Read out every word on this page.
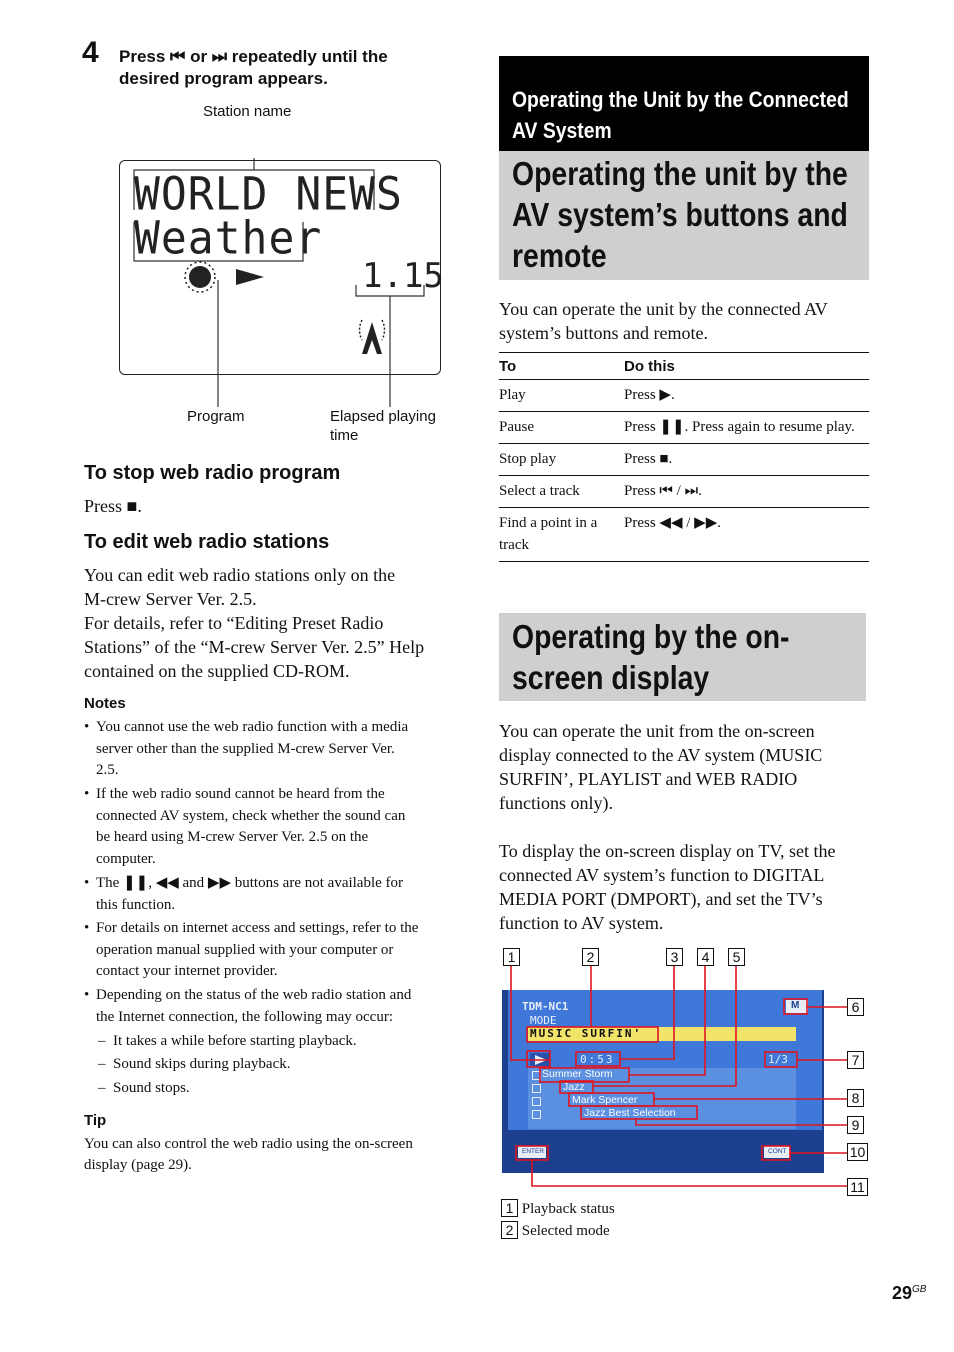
4 Press ⏮ or ⏭ repeatedly until the
desired program appears.
Station name
WORLD NEWS
Weather
1.15
Program	Elapsed playing
time
To stop web radio program
Press ■.
To edit web radio stations
You can edit web radio stations only on the
M-crew Server Ver. 2.5.
For details, refer to “Editing Preset Radio
Stations” of the “M-crew Server Ver. 2.5” Help
contained on the supplied CD-ROM.
Notes
• You cannot use the web radio function with a media
server other than the supplied M-crew Server Ver.
2.5.
• If the web radio sound cannot be heard from the
connected AV system, check whether the sound can
be heard using M-crew Server Ver. 2.5 on the
computer.
• The ❚❚, ◀◀ and ▶▶ buttons are not available for
this function.
• For details on internet access and settings, refer to the
operation manual supplied with your computer or
contact your internet provider.
• Depending on the status of the web radio station and
the Internet connection, the following may occur:
–  It takes a while before starting playback.
–  Sound skips during playback.
–  Sound stops.
Tip
You can also control the web radio using the on-screen
display (page 29).
Operating the Unit by the Connected
AV System
Operating the unit by the
AV system’s buttons and
remote
You can operate the unit by the connected AV
system’s buttons and remote.
To	Do this
Play	Press ▶.
Pause	Press ❚❚. Press again to resume play.
Stop play	Press ■.
Select a track	Press ⏮ / ⏭.
Find a point in a track	Press ◀◀ / ▶▶.
Operating by the on-
screen display
You can operate the unit from the on-screen
display connected to the AV system (MUSIC
SURFIN’, PLAYLIST and WEB RADIO
functions only).
To display the on-screen display on TV, set the
connected AV system’s function to DIGITAL
MEDIA PORT (DMPORT), and set the TV’s
function to AV system.
1	2	3	4	5
TDM-NC1
MODE
MUSIC SURFIN'
0:53	1/3
M
Summer Storm
Jazz
Mark Spencer
Jazz Best Selection
ENTER	CONT
6
7
8
9
10
11
1 Playback status
2 Selected mode
$29^{GB}$
